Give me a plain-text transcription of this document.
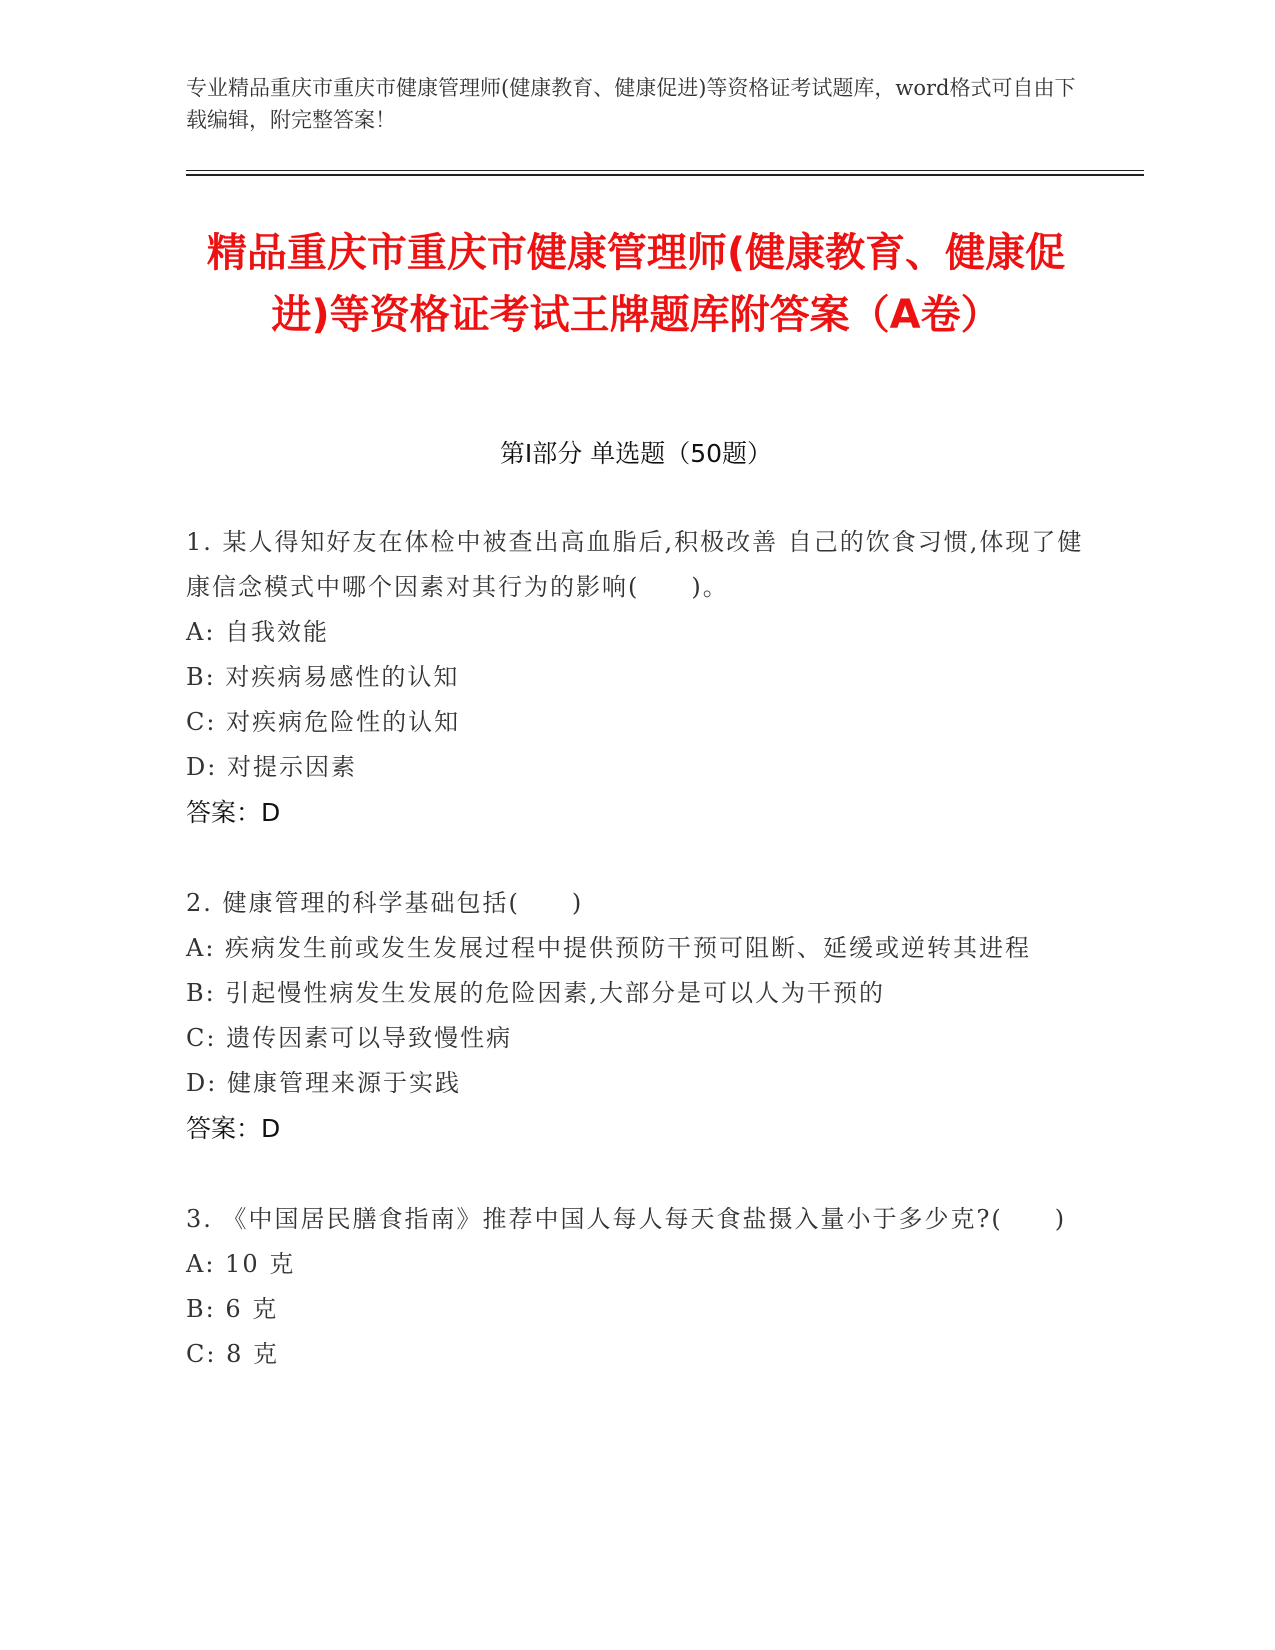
专业精品重庆市重庆市健康管理师(健康教育、健康促进)等资格证考试题库，word格式可自由下载编辑，附完整答案！
精品重庆市重庆市健康管理师(健康教育、健康促进)等资格证考试王牌题库附答案（A卷）
第Ⅰ部分 单选题（50题）
1. 某人得知好友在体检中被查出高血脂后,积极改善 自己的饮食习惯,体现了健康信念模式中哪个因素对其行为的影响(　　)。
A: 自我效能
B: 对疾病易感性的认知
C: 对疾病危险性的认知
D: 对提示因素
答案：D
2. 健康管理的科学基础包括(　　)
A: 疾病发生前或发生发展过程中提供预防干预可阻断、延缓或逆转其进程
B: 引起慢性病发生发展的危险因素,大部分是可以人为干预的
C: 遗传因素可以导致慢性病
D: 健康管理来源于实践
答案：D
3. 《中国居民膳食指南》推荐中国人每人每天食盐摄入量小于多少克?(　　)
A: 10 克
B: 6 克
C: 8 克
